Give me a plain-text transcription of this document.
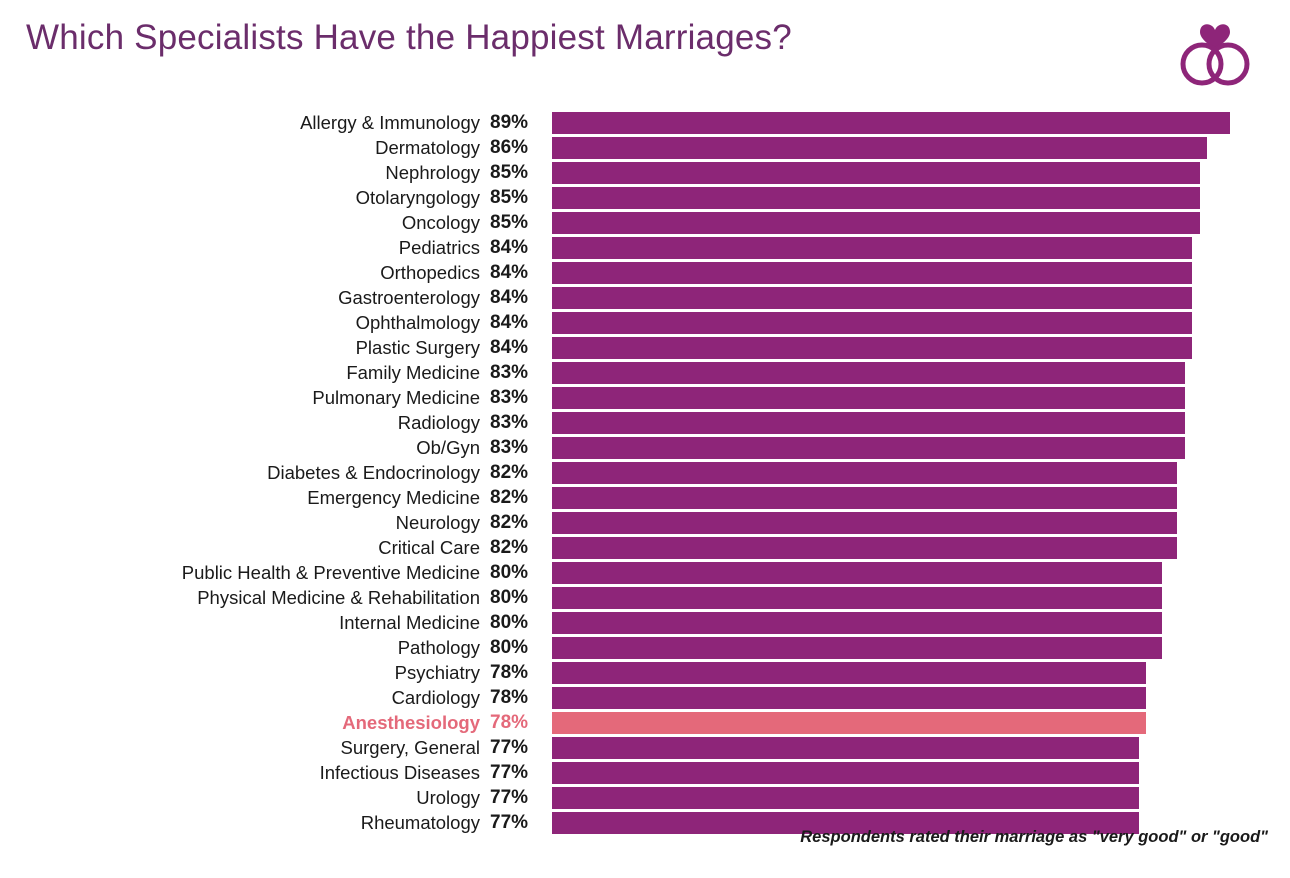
Which Specialists Have the Happiest Marriages?
Allergy & Immunology 89%
Dermatology 86%
Nephrology 85%
Otolaryngology 85%
Oncology 85%
Pediatrics 84%
Orthopedics 84%
Gastroenterology 84%
Ophthalmology 84%
Plastic Surgery 84%
Family Medicine 83%
Pulmonary Medicine 83%
Radiology 83%
Ob/Gyn 83%
Diabetes & Endocrinology 82%
Emergency Medicine 82%
Neurology 82%
Critical Care 82%
Public Health & Preventive Medicine 80%
Physical Medicine & Rehabilitation 80%
Internal Medicine 80%
Pathology 80%
Psychiatry 78%
Cardiology 78%
Anesthesiology 78%
Surgery, General 77%
Infectious Diseases 77%
Urology 77%
Rheumatology 77%
Respondents rated their marriage as "very good" or "good"
